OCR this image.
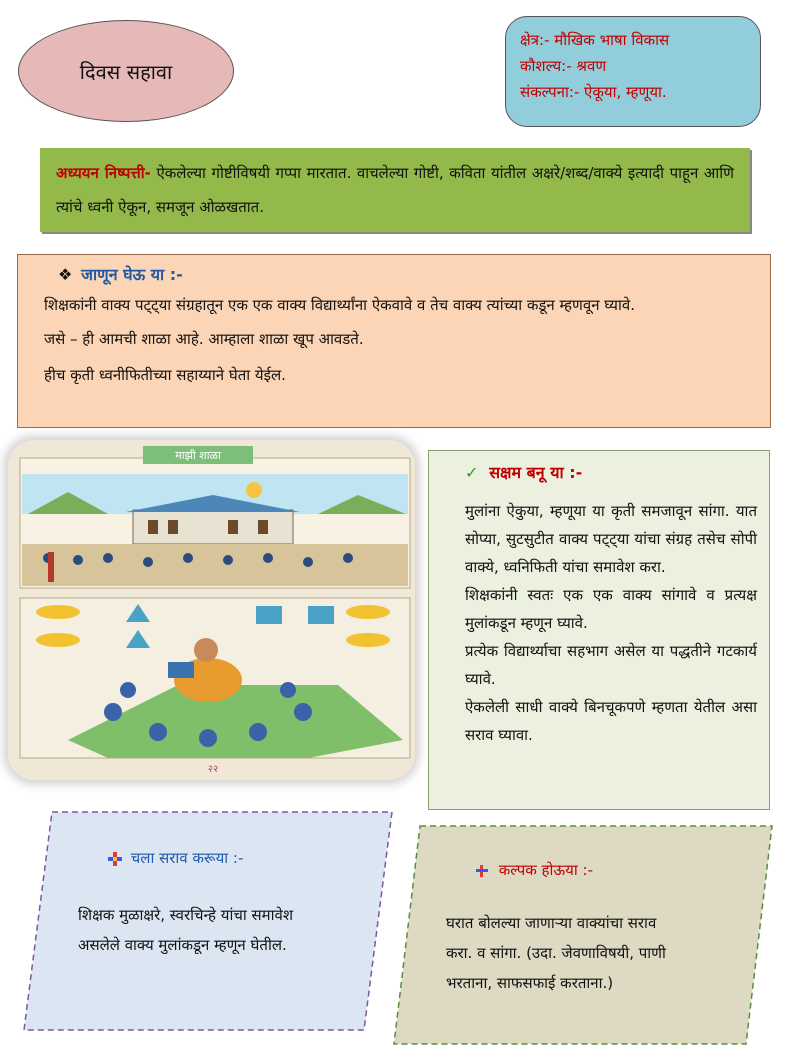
दिवस सहावा
क्षेत्र:- मौखिक भाषा विकास
कौशल्य:- श्रवण
संकल्पना:- ऐकूया, म्हणूया.
अध्ययन निष्पत्ती- ऐकलेल्या गोष्टीविषयी गप्पा मारतात. वाचलेल्या गोष्टी, कविता यांतील अक्षरे/शब्द/वाक्ये इत्यादी पाहून आणि त्यांचे ध्वनी ऐकून, समजून ओळखतात.
❖ जाणून घेऊ या :-

शिक्षकांनी वाक्य पट्ट्या संग्रहातून एक एक वाक्य विद्यार्थ्यांना ऐकवावे व तेच वाक्य त्यांच्या कडून म्हणवून घ्यावे.

जसे – ही आमची शाळा आहे. आम्हाला शाळा खूप आवडते.

हीच कृती ध्वनीफितीच्या सहाय्याने घेता येईल.

माझी शाळा
२२
✓ सक्षम बनू या :-

मुलांना ऐकुया, म्हणूया या कृती समजावून सांगा. यात सोप्या, सुटसुटीत वाक्य पट्ट्या यांचा संग्रह तसेच सोपी वाक्ये, ध्वनिफिती यांचा समावेश करा.

शिक्षकांनी स्वतः एक एक वाक्य सांगावे व प्रत्यक्ष मुलांकडून म्हणून घ्यावे.

प्रत्येक विद्यार्थ्याचा सहभाग असेल या पद्धतीने गटकार्य घ्यावे.

ऐकलेली साधी वाक्ये बिनचूकपणे म्हणता येतील असा सराव घ्यावा.

चला सराव करूया :-
शिक्षक मुळाक्षरे, स्वरचिन्हे यांचा समावेश
असलेले वाक्य मुलांकडून म्हणून घेतील.
कल्पक होऊया :-
घरात बोलल्या जाणाऱ्या वाक्यांचा सराव
करा. व सांगा. (उदा. जेवणाविषयी, पाणी
भरताना, साफसफाई करताना.)
